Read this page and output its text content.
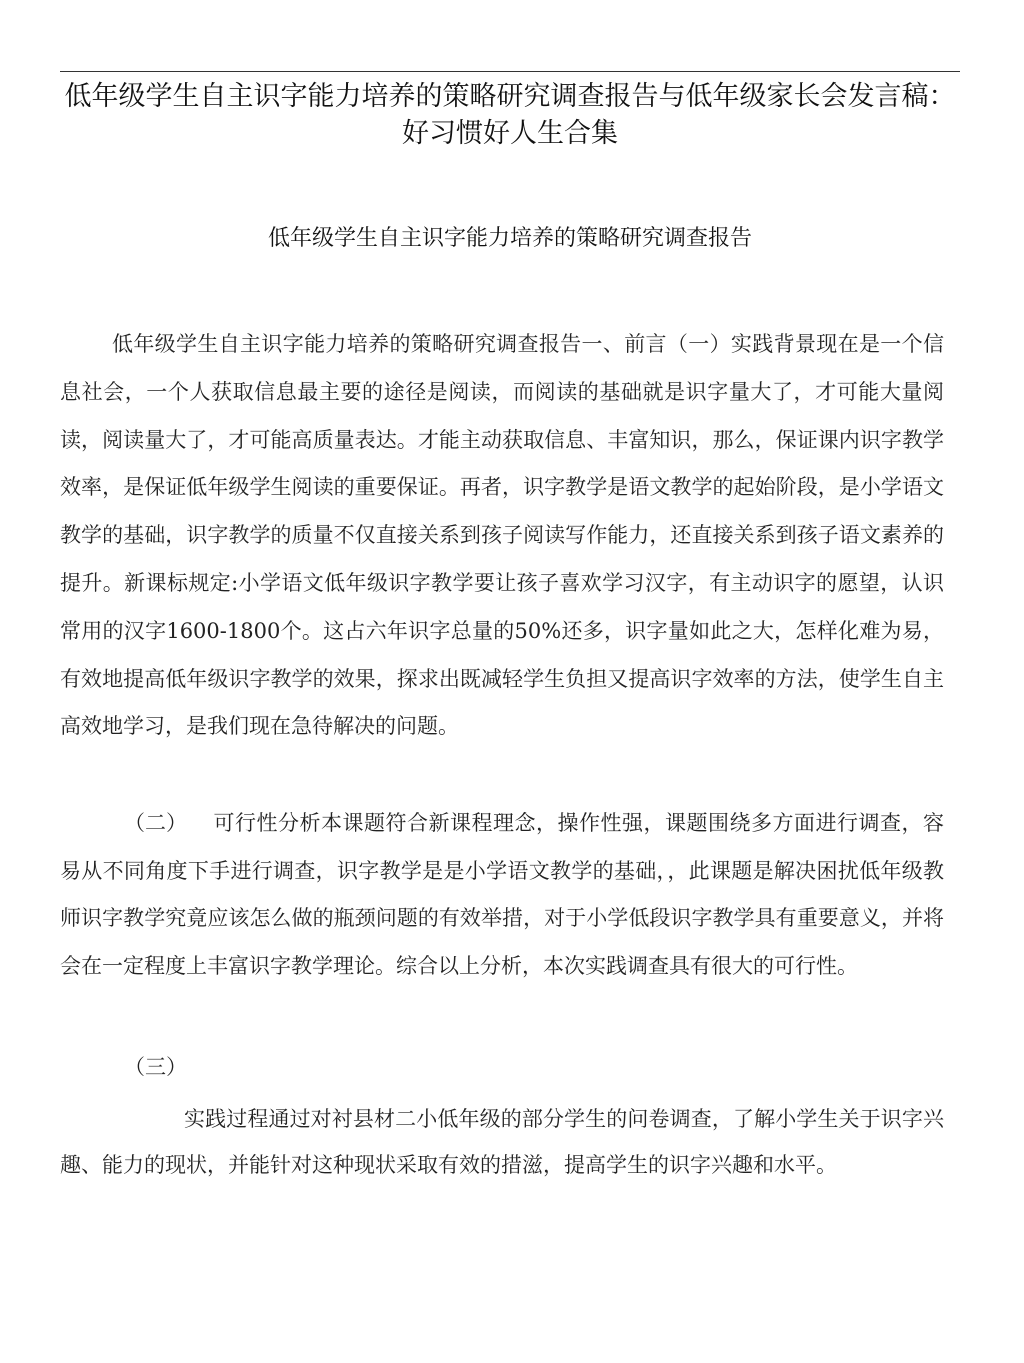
低年级学生自主识字能力培养的策略研究调查报告与低年级家长会发言稿：好习惯好人生合集
低年级学生自主识字能力培养的策略研究调查报告

低年级学生自主识字能力培养的策略研究调查报告一、前言（一）实践背景现在是一个信息社会，一个人获取信息最主要的途径是阅读，而阅读的基础就是识字量大了，才可能大量阅读，阅读量大了，才可能高质量表达。才能主动获取信息、丰富知识，那么，保证课内识字教学效率，是保证低年级学生阅读的重要保证。再者，识字教学是语文教学的起始阶段，是小学语文教学的基础，识字教学的质量不仅直接关系到孩子阅读写作能力，还直接关系到孩子语文素养的提升。新课标规定:小学语文低年级识字教学要让孩子喜欢学习汉字，有主动识字的愿望，认识常用的汉字1600-1800个。这占六年识字总量的50%还多，识字量如此之大，怎样化难为易，有效地提高低年级识字教学的效果，探求出既减轻学生负担又提高识字效率的方法，使学生自主高效地学习，是我们现在急待解决的问题。

（二） 可行性分析本课题符合新课程理念，操作性强，课题围绕多方面进行调查，容易从不同角度下手进行调查，识字教学是是小学语文教学的基础，，此课题是解决困扰低年级教师识字教学究竟应该怎么做的瓶颈问题的有效举措，对于小学低段识字教学具有重要意义，并将会在一定程度上丰富识字教学理论。综合以上分析，本次实践调查具有很大的可行性。

（三）

实践过程通过对衬县材二小低年级的部分学生的问卷调查，了解小学生关于识字兴趣、能力的现状，并能针对这种现状采取有效的措滋，提高学生的识字兴趣和水平。
